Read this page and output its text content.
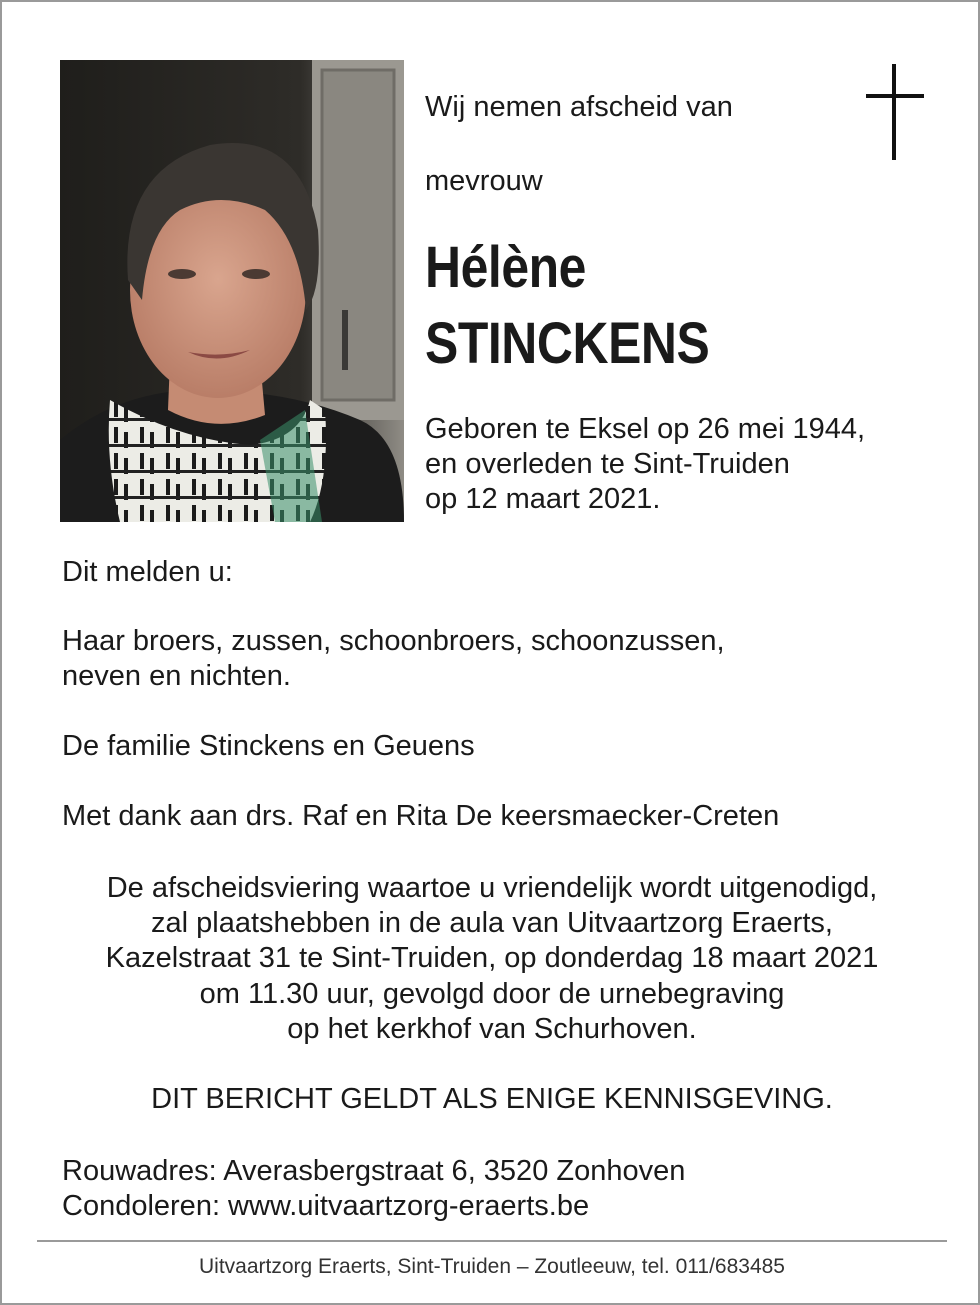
Wij nemen afscheid van
mevrouw
Hélène
STINCKENS
Geboren te Eksel op 26 mei 1944,
en overleden te Sint-Truiden
op 12 maart 2021.
Dit melden u:
Haar broers, zussen, schoonbroers, schoonzussen,
neven en nichten.
De familie Stinckens en Geuens
Met dank aan drs. Raf en Rita De keersmaecker-Creten
De afscheidsviering waartoe u vriendelijk wordt uitgenodigd,
zal plaatshebben in de aula van Uitvaartzorg Eraerts,
Kazelstraat 31 te Sint-Truiden, op donderdag 18 maart 2021
om 11.30 uur, gevolgd door de urnebegraving
op het kerkhof van Schurhoven.
DIT BERICHT GELDT ALS ENIGE KENNISGEVING.
Rouwadres: Averasbergstraat 6, 3520 Zonhoven
Condoleren: www.uitvaartzorg-eraerts.be
Uitvaartzorg Eraerts, Sint-Truiden – Zoutleeuw, tel. 011/683485
